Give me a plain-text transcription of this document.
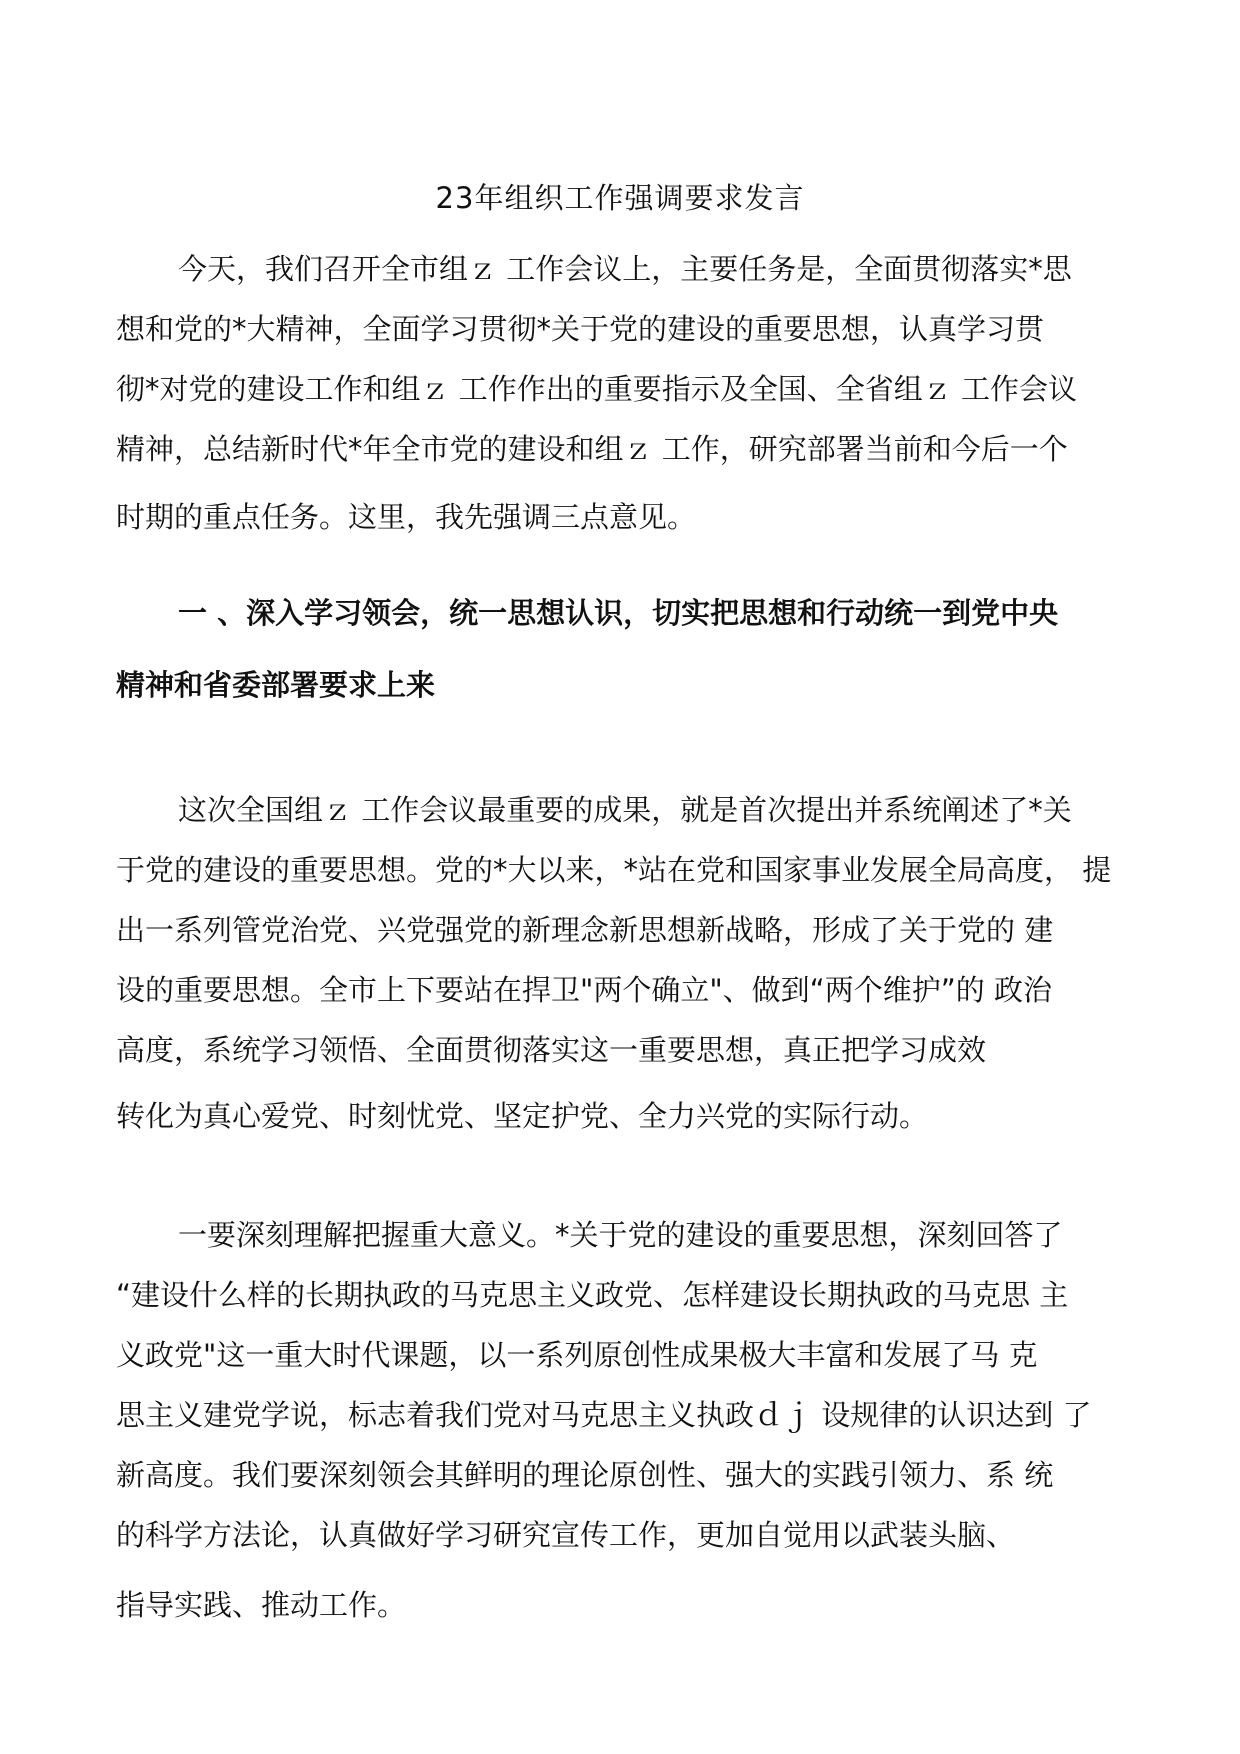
23年组织工作强调要求发言
今天，我们召开全市组ｚ 工作会议上，主要任务是，全面贯彻落实*思
想和党的*大精神，全面学习贯彻*关于党的建设的重要思想，认真学习贯
彻*对党的建设工作和组ｚ 工作作出的重要指示及全国、全省组ｚ 工作会议
精神，总结新时代*年全市党的建设和组ｚ 工作，研究部署当前和今后一个
时期的重点任务。这里，我先强调三点意见。
一 、深入学习领会，统一思想认识，切实把思想和行动统一到党中央
精神和省委部署要求上来
这次全国组ｚ 工作会议最重要的成果，就是首次提出并系统阐述了*关
于党的建设的重要思想。党的*大以来，*站在党和国家事业发展全局高度， 提
出一系列管党治党、兴党强党的新理念新思想新战略，形成了关于党的 建
设的重要思想。全市上下要站在捍卫"两个确立"、做到“两个维护”的 政治
高度，系统学习领悟、全面贯彻落实这一重要思想，真正把学习成效
转化为真心爱党、时刻忧党、坚定护党、全力兴党的实际行动。
一要深刻理解把握重大意义。*关于党的建设的重要思想，深刻回答了
“建设什么样的长期执政的马克思主义政党、怎样建设长期执政的马克思 主
义政党"这一重大时代课题，以一系列原创性成果极大丰富和发展了马 克
思主义建党学说，标志着我们党对马克思主义执政ｄｊ 设规律的认识达到 了
新高度。我们要深刻领会其鲜明的理论原创性、强大的实践引领力、系 统
的科学方法论，认真做好学习研究宣传工作，更加自觉用以武装头脑、
指导实践、推动工作。
